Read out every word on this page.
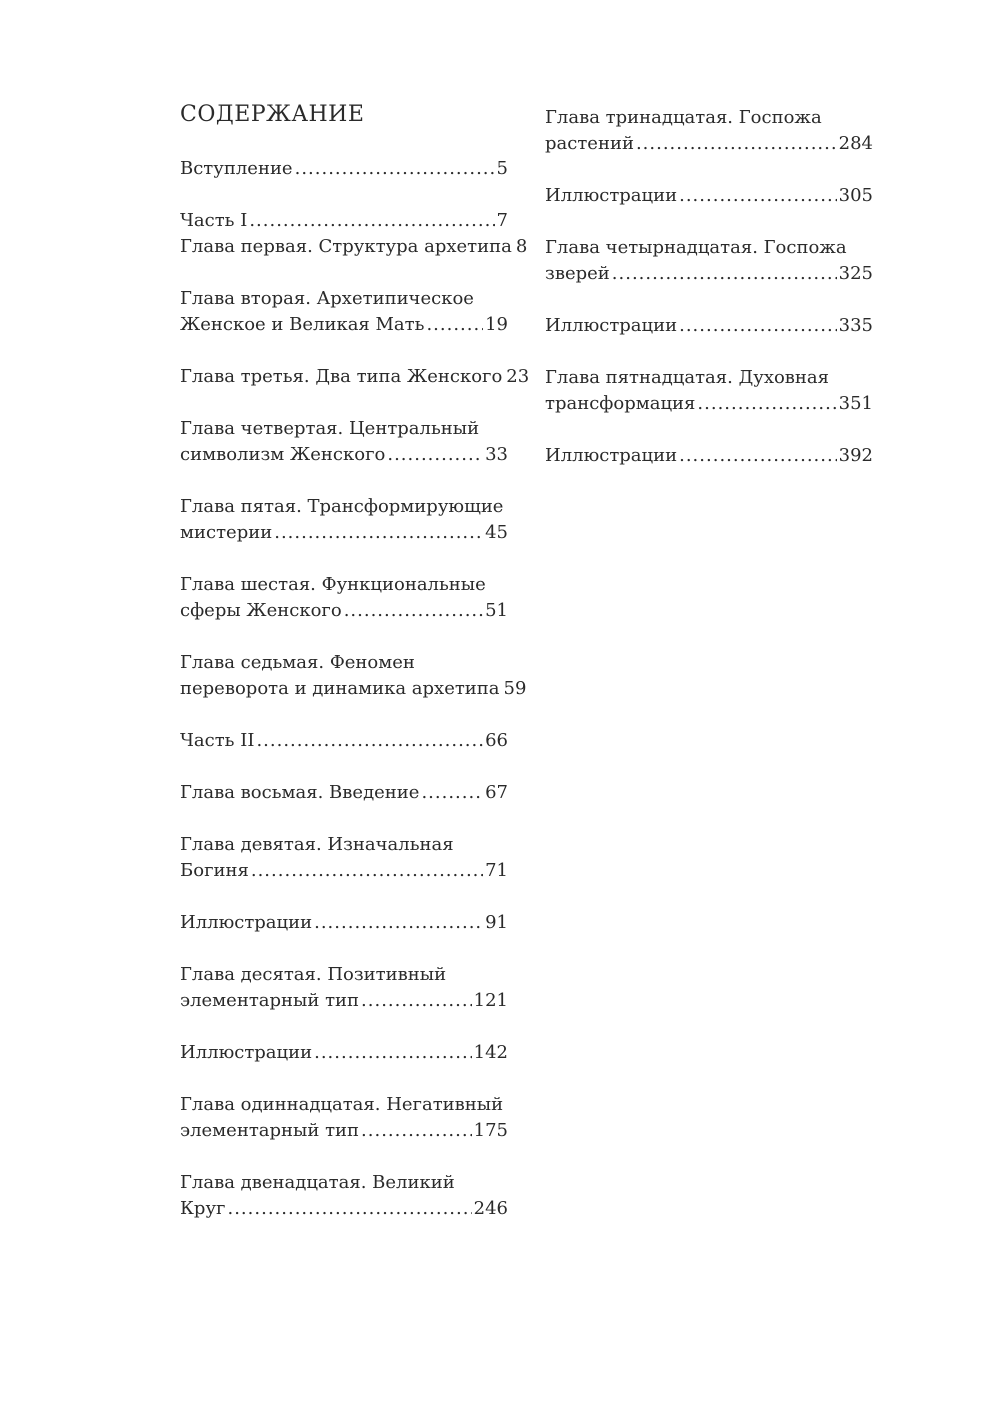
СОДЕРЖАНИЕ
Вступление .....	5
Часть I .....	7
Глава первая. Структура архетипа 8
Глава вторая. Архетипическое
Женское и Великая Мать .....	19
Глава третья. Два типа Женского 23
Глава четвертая. Центральный
символизм Женского .....	33
Глава пятая. Трансформирующие
мистерии .....	45
Глава шестая. Функциональные
сферы Женского .....	51
Глава седьмая. Феномен
переворота и динамика архетипа 59
Часть II .....	66
Глава восьмая. Введение .....	67
Глава девятая. Изначальная
Богиня .....	71
Иллюстрации .....	91
Глава десятая. Позитивный
элементарный тип .....	121
Иллюстрации .....	142
Глава одиннадцатая. Негативный
элементарный тип .....	175
Глава двенадцатая. Великий
Круг .....	246
Глава тринадцатая. Госпожа
растений .....	284
Иллюстрации .....	305
Глава четырнадцатая. Госпожа
зверей .....	325
Иллюстрации .....	335
Глава пятнадцатая. Духовная
трансформация .....	351
Иллюстрации .....	392
